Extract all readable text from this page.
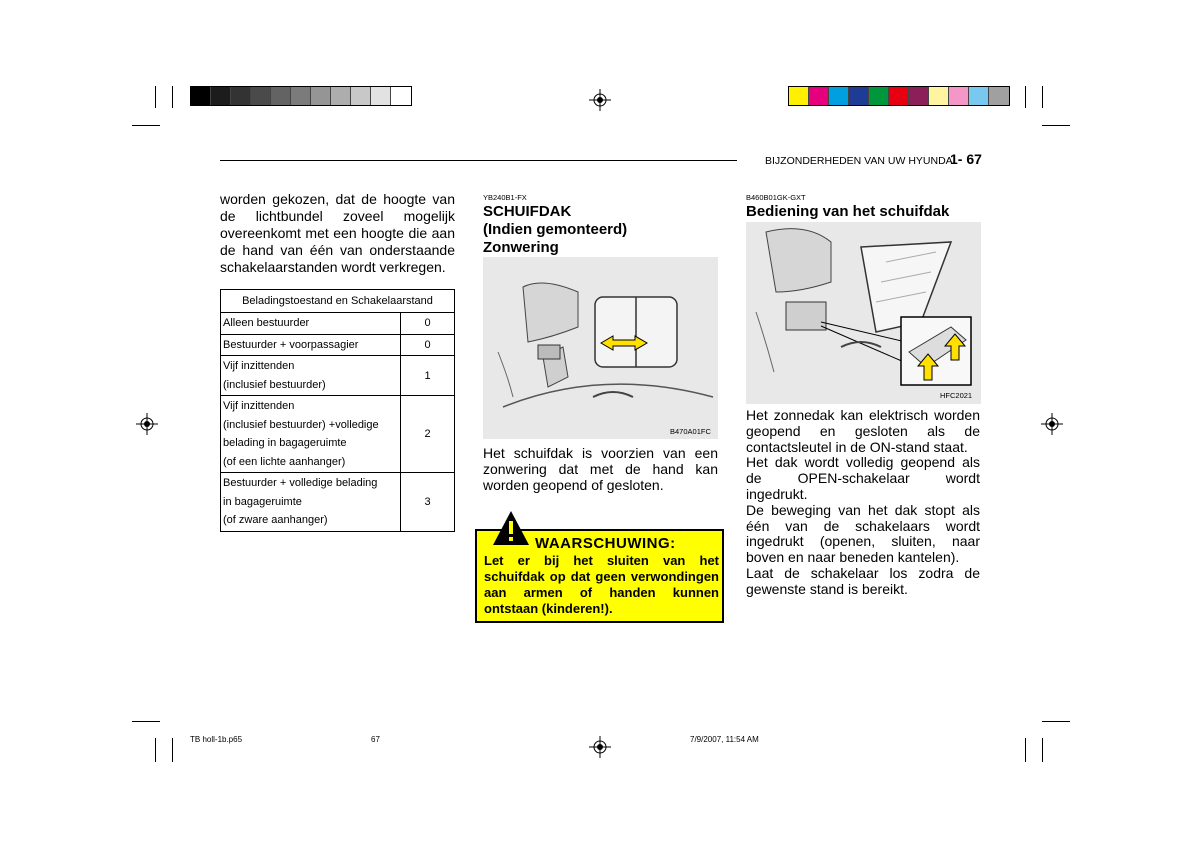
BIJZONDERHEDEN VAN UW HYUNDAI
1- 67

worden gekozen, dat de hoogte van de lichtbundel zoveel mogelijk overeenkomt met een hoogte die aan de hand van één van onderstaande schakelaarstanden wordt verkregen.

Beladingstoestand en Schakelaarstand	

Alleen bestuurder	0

Bestuurder + voorpassagier	0

Vijf inzittenden
(inclusief bestuurder)	1

Vijf inzittenden
(inclusief bestuurder) +volledige
belading in bagageruimte
(of een lichte aanhanger)	2

Bestuurder + volledige belading
in bagageruimte
(of zware aanhanger)	3
YB240B1-FX
SCHUIFDAK
(Indien gemonteerd)
Zonwering
B470A01FC

Het schuifdak is voorzien van een zonwering dat met de hand kan worden geopend of gesloten.

WAARSCHUWING:
Let er bij het sluiten van het schuifdak op dat geen verwondingen aan armen of handen kunnen ontstaan (kinderen!).
B460B01GK-GXT
Bediening van het schuifdak
HFC2021
Het zonnedak kan elektrisch worden geopend en gesloten als de contactsleutel in de ON-stand staat.
Het dak wordt volledig geopend als de OPEN-schakelaar wordt ingedrukt.
De beweging van het dak stopt als één van de schakelaars wordt ingedrukt (openen, sluiten, naar boven en naar beneden kantelen).
Laat de schakelaar los zodra de gewenste stand is bereikt.
TB holl-1b.p65	67	7/9/2007, 11:54 AM
